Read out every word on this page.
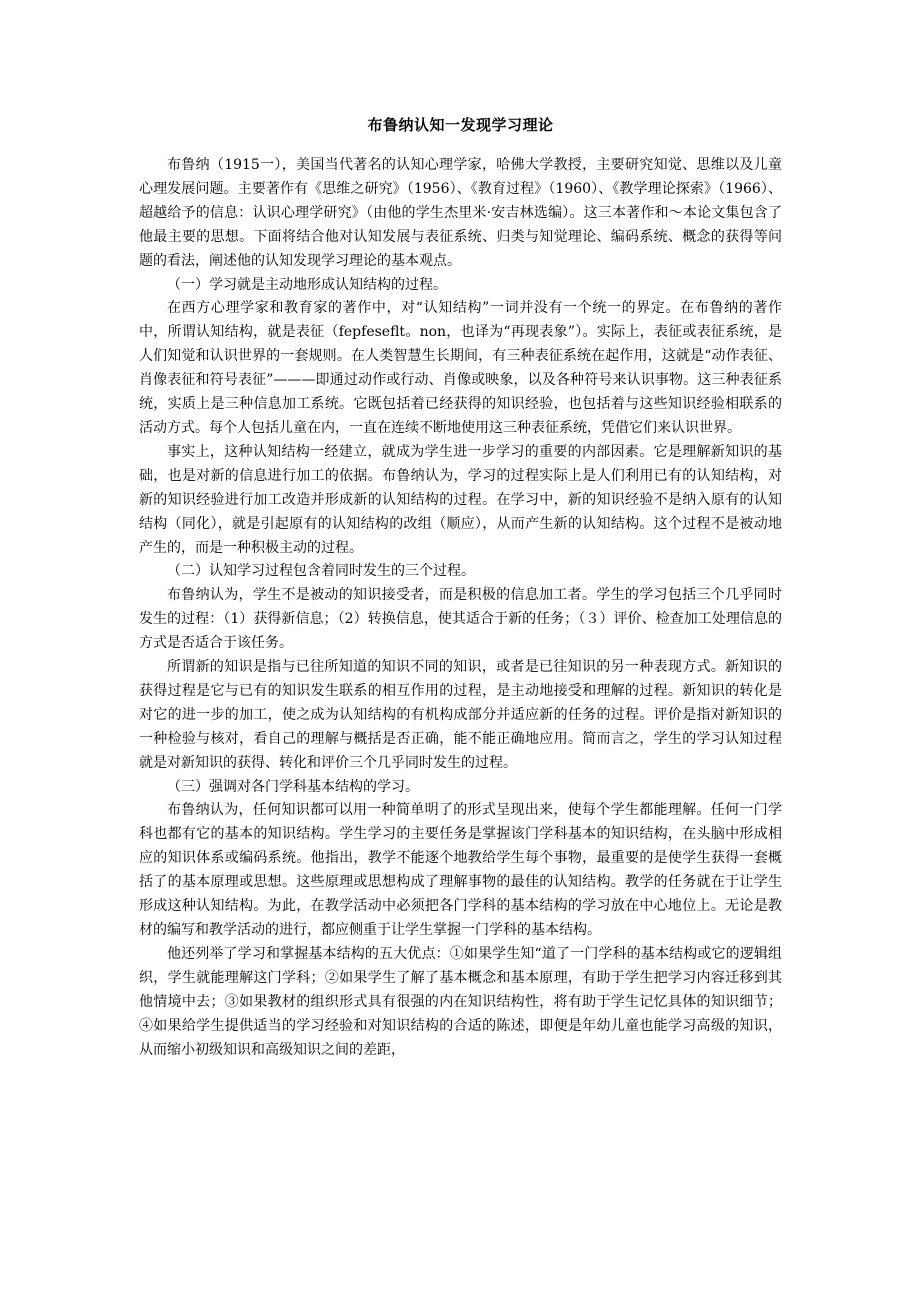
布鲁纳认知一发现学习理论

布鲁纳（1915一），美国当代著名的认知心理学家，哈佛大学教授，主要研究知觉、思维以及儿童心理发展问题。主要著作有《思维之研究》（1956）、《教育过程》（1960）、《教学理论探索》（1966）、 超越给予的信息：认识心理学研究》（由他的学生杰里米·安吉林选编）。这三本著作和～本论文集包含了他最主要的思想。下面将结合他对认知发展与表征系统、归类与知觉理论、编码系统、概念的获得等问题的看法，阐述他的认知发现学习理论的基本观点。

（一）学习就是主动地形成认知结构的过程。

在西方心理学家和教育家的著作中，对“认知结构”一词并没有一个统一的界定。在布鲁纳的著作中，所谓认知结构，就是表征（fepfeseflt。non，也译为“再现表象”）。实际上，表征或表征系统，是人们知觉和认识世界的一套规则。在人类智慧生长期间，有三种表征系统在起作用，这就是“动作表征、肖像表征和符号表征”———即通过动作或行动、肖像或映象，以及各种符号来认识事物。这三种表征系统，实质上是三种信息加工系统。它既包括着已经获得的知识经验，也包括着与这些知识经验相联系的活动方式。每个人包括儿童在内，一直在连续不断地使用这三种表征系统，凭借它们来认识世界。

事实上，这种认知结构一经建立，就成为学生进一步学习的重要的内部因素。它是理解新知识的基础，也是对新的信息进行加工的依据。布鲁纳认为，学习的过程实际上是人们利用已有的认知结构，对新的知识经验进行加工改造并形成新的认知结构的过程。在学习中，新的知识经验不是纳入原有的认知结构（同化），就是引起原有的认知结构的改组（顺应），从而产生新的认知结构。这个过程不是被动地产生的，而是一种积极主动的过程。

（二）认知学习过程包含着同时发生的三个过程。

布鲁纳认为，学生不是被动的知识接受者，而是积极的信息加工者。学生的学习包括三个几乎同时发生的过程：（1）获得新信息；（2）转换信息，使其适合于新的任务；（３）评价、检查加工处理信息的方式是否适合于该任务。

所谓新的知识是指与已往所知道的知识不同的知识，或者是已往知识的另一种表现方式。新知识的获得过程是它与已有的知识发生联系的相互作用的过程，是主动地接受和理解的过程。新知识的转化是对它的进一步的加工，使之成为认知结构的有机构成部分并适应新的任务的过程。评价是指对新知识的一种检验与核对，看自己的理解与概括是否正确，能不能正确地应用。简而言之，学生的学习认知过程就是对新知识的获得、转化和评价三个几乎同时发生的过程。

（三）强调对各门学科基本结构的学习。

布鲁纳认为，任何知识都可以用一种简单明了的形式呈现出来，使每个学生都能理解。任何一门学科也都有它的基本的知识结构。学生学习的主要任务是掌握该门学科基本的知识结构，在头脑中形成相应的知识体系或编码系统。他指出，教学不能逐个地教给学生每个事物，最重要的是使学生获得一套概括了的基本原理或思想。这些原理或思想构成了理解事物的最佳的认知结构。教学的任务就在于让学生形成这种认知结构。为此，在教学活动中必须把各门学科的基本结构的学习放在中心地位上。无论是教材的编写和教学活动的进行，都应侧重于让学生掌握一门学科的基本结构。

他还列举了学习和掌握基本结构的五大优点：①如果学生知“道了一门学科的基本结构或它的逻辑组织，学生就能理解这门学科；②如果学生了解了基本概念和基本原理，有助于学生把学习内容迁移到其他情境中去；③如果教材的组织形式具有很强的内在知识结构性，将有助于学生记忆具体的知识细节；④如果给学生提供适当的学习经验和对知识结构的合适的陈述，即便是年幼儿童也能学习高级的知识，从而缩小初级知识和高级知识之间的差距，
